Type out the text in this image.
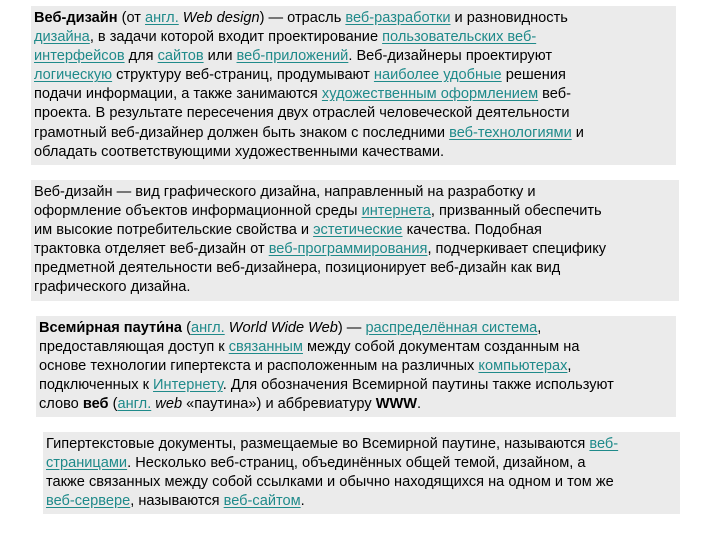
Веб-дизайн (от англ. Web design) — отрасль веб-разработки и разновидность
дизайна, в задачи которой входит проектирование пользовательских веб-
интерфейсов для сайтов или веб-приложений. Веб-дизайнеры проектируют
логическую структуру веб-страниц, продумывают наиболее удобные решения
подачи информации, а также занимаются художественным оформлением веб-
проекта. В результате пересечения двух отраслей человеческой деятельности
грамотный веб-дизайнер должен быть знаком с последними веб-технологиями и
обладать соответствующими художественными качествами.
Веб-дизайн — вид графического дизайна, направленный на разработку и
оформление объектов информационной среды интернета, призванный обеспечить
им высокие потребительские свойства и эстетические качества. Подобная
трактовка отделяет веб-дизайн от веб-программирования, подчеркивает специфику
предметной деятельности веб-дизайнера, позиционирует веб-дизайн как вид
графического дизайна.
Всеми́рная паути́на (англ. World Wide Web) — распределённая система,
предоставляющая доступ к связанным между собой документам созданным на
основе технологии гипертекста и расположенным на различных компьютерах,
подключенных к Интернету. Для обозначения Всемирной паутины также используют
слово веб (англ. web «паутина») и аббревиатуру WWW.
Гипертекстовые документы, размещаемые во Всемирной паутине, называются веб-
страницами. Несколько веб-страниц, объединённых общей темой, дизайном, а
также связанных между собой ссылками и обычно находящихся на одном и том же
веб-сервере, называются веб-сайтом.
